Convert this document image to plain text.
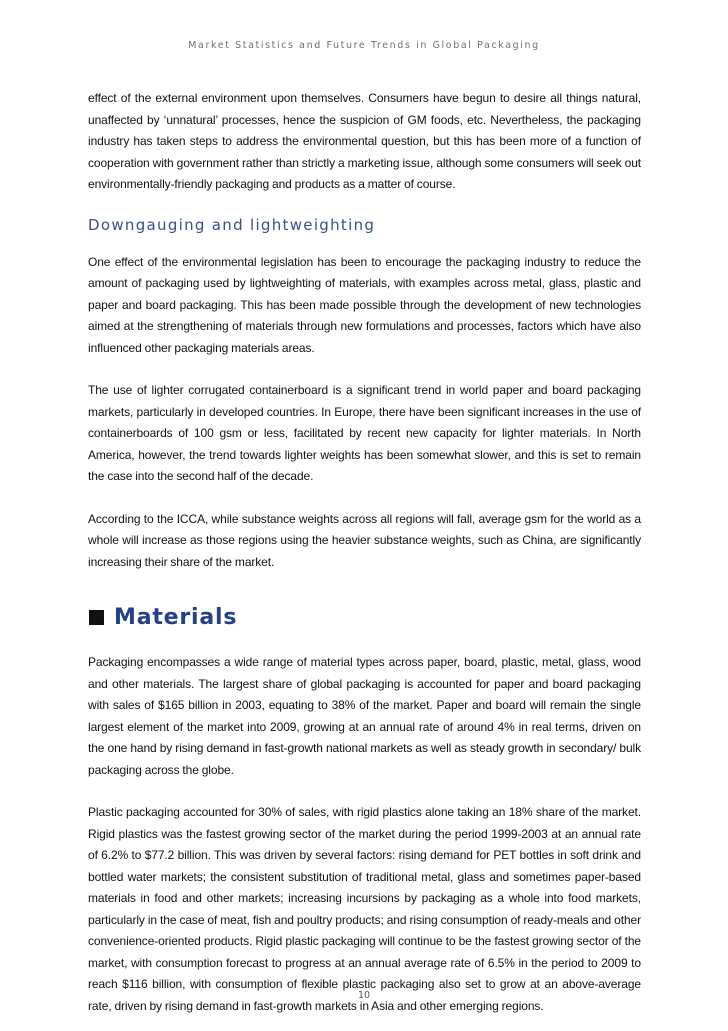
Market Statistics and Future Trends in Global Packaging

effect of the external environment upon themselves. Consumers have begun to desire all things natural, unaffected by ‘unnatural’ processes, hence the suspicion of GM foods, etc. Nevertheless, the packaging industry has taken steps to address the environmental question, but this has been more of a function of cooperation with government rather than strictly a marketing issue, although some consumers will seek out environmentally-friendly packaging and products as a matter of course.

Downgauging and lightweighting

One effect of the environmental legislation has been to encourage the packaging industry to reduce the amount of packaging used by lightweighting of materials, with examples across metal, glass, plastic and paper and board packaging. This has been made possible through the development of new technologies aimed at the strengthening of materials through new formulations and processes, factors which have also influenced other packaging materials areas.

The use of lighter corrugated containerboard is a significant trend in world paper and board packaging markets, particularly in developed countries. In Europe, there have been significant increases in the use of containerboards of 100 gsm or less, facilitated by recent new capacity for lighter materials. In North America, however, the trend towards lighter weights has been somewhat slower, and this is set to remain the case into the second half of the decade.

According to the ICCA, while substance weights across all regions will fall, average gsm for the world as a whole will increase as those regions using the heavier substance weights, such as China, are significantly increasing their share of the market.

Materials

Packaging encompasses a wide range of material types across paper, board, plastic, metal, glass, wood and other materials. The largest share of global packaging is accounted for paper and board packaging with sales of $165 billion in 2003, equating to 38% of the market. Paper and board will remain the single largest element of the market into 2009, growing at an annual rate of around 4% in real terms, driven on the one hand by rising demand in fast-growth national markets as well as steady growth in secondary/ bulk packaging across the globe.

Plastic packaging accounted for 30% of sales, with rigid plastics alone taking an 18% share of the market. Rigid plastics was the fastest growing sector of the market during the period 1999-2003 at an annual rate of 6.2% to $77.2 billion. This was driven by several factors: rising demand for PET bottles in soft drink and bottled water markets; the consistent substitution of traditional metal, glass and sometimes paper-based materials in food and other markets; increasing incursions by packaging as a whole into food markets, particularly in the case of meat, fish and poultry products; and rising consumption of ready-meals and other convenience-oriented products. Rigid plastic packaging will continue to be the fastest growing sector of the market, with consumption forecast to progress at an annual average rate of 6.5% in the period to 2009 to reach $116 billion, with consumption of flexible plastic packaging also set to grow at an above-average rate, driven by rising demand in fast-growth markets in Asia and other emerging regions.

10
